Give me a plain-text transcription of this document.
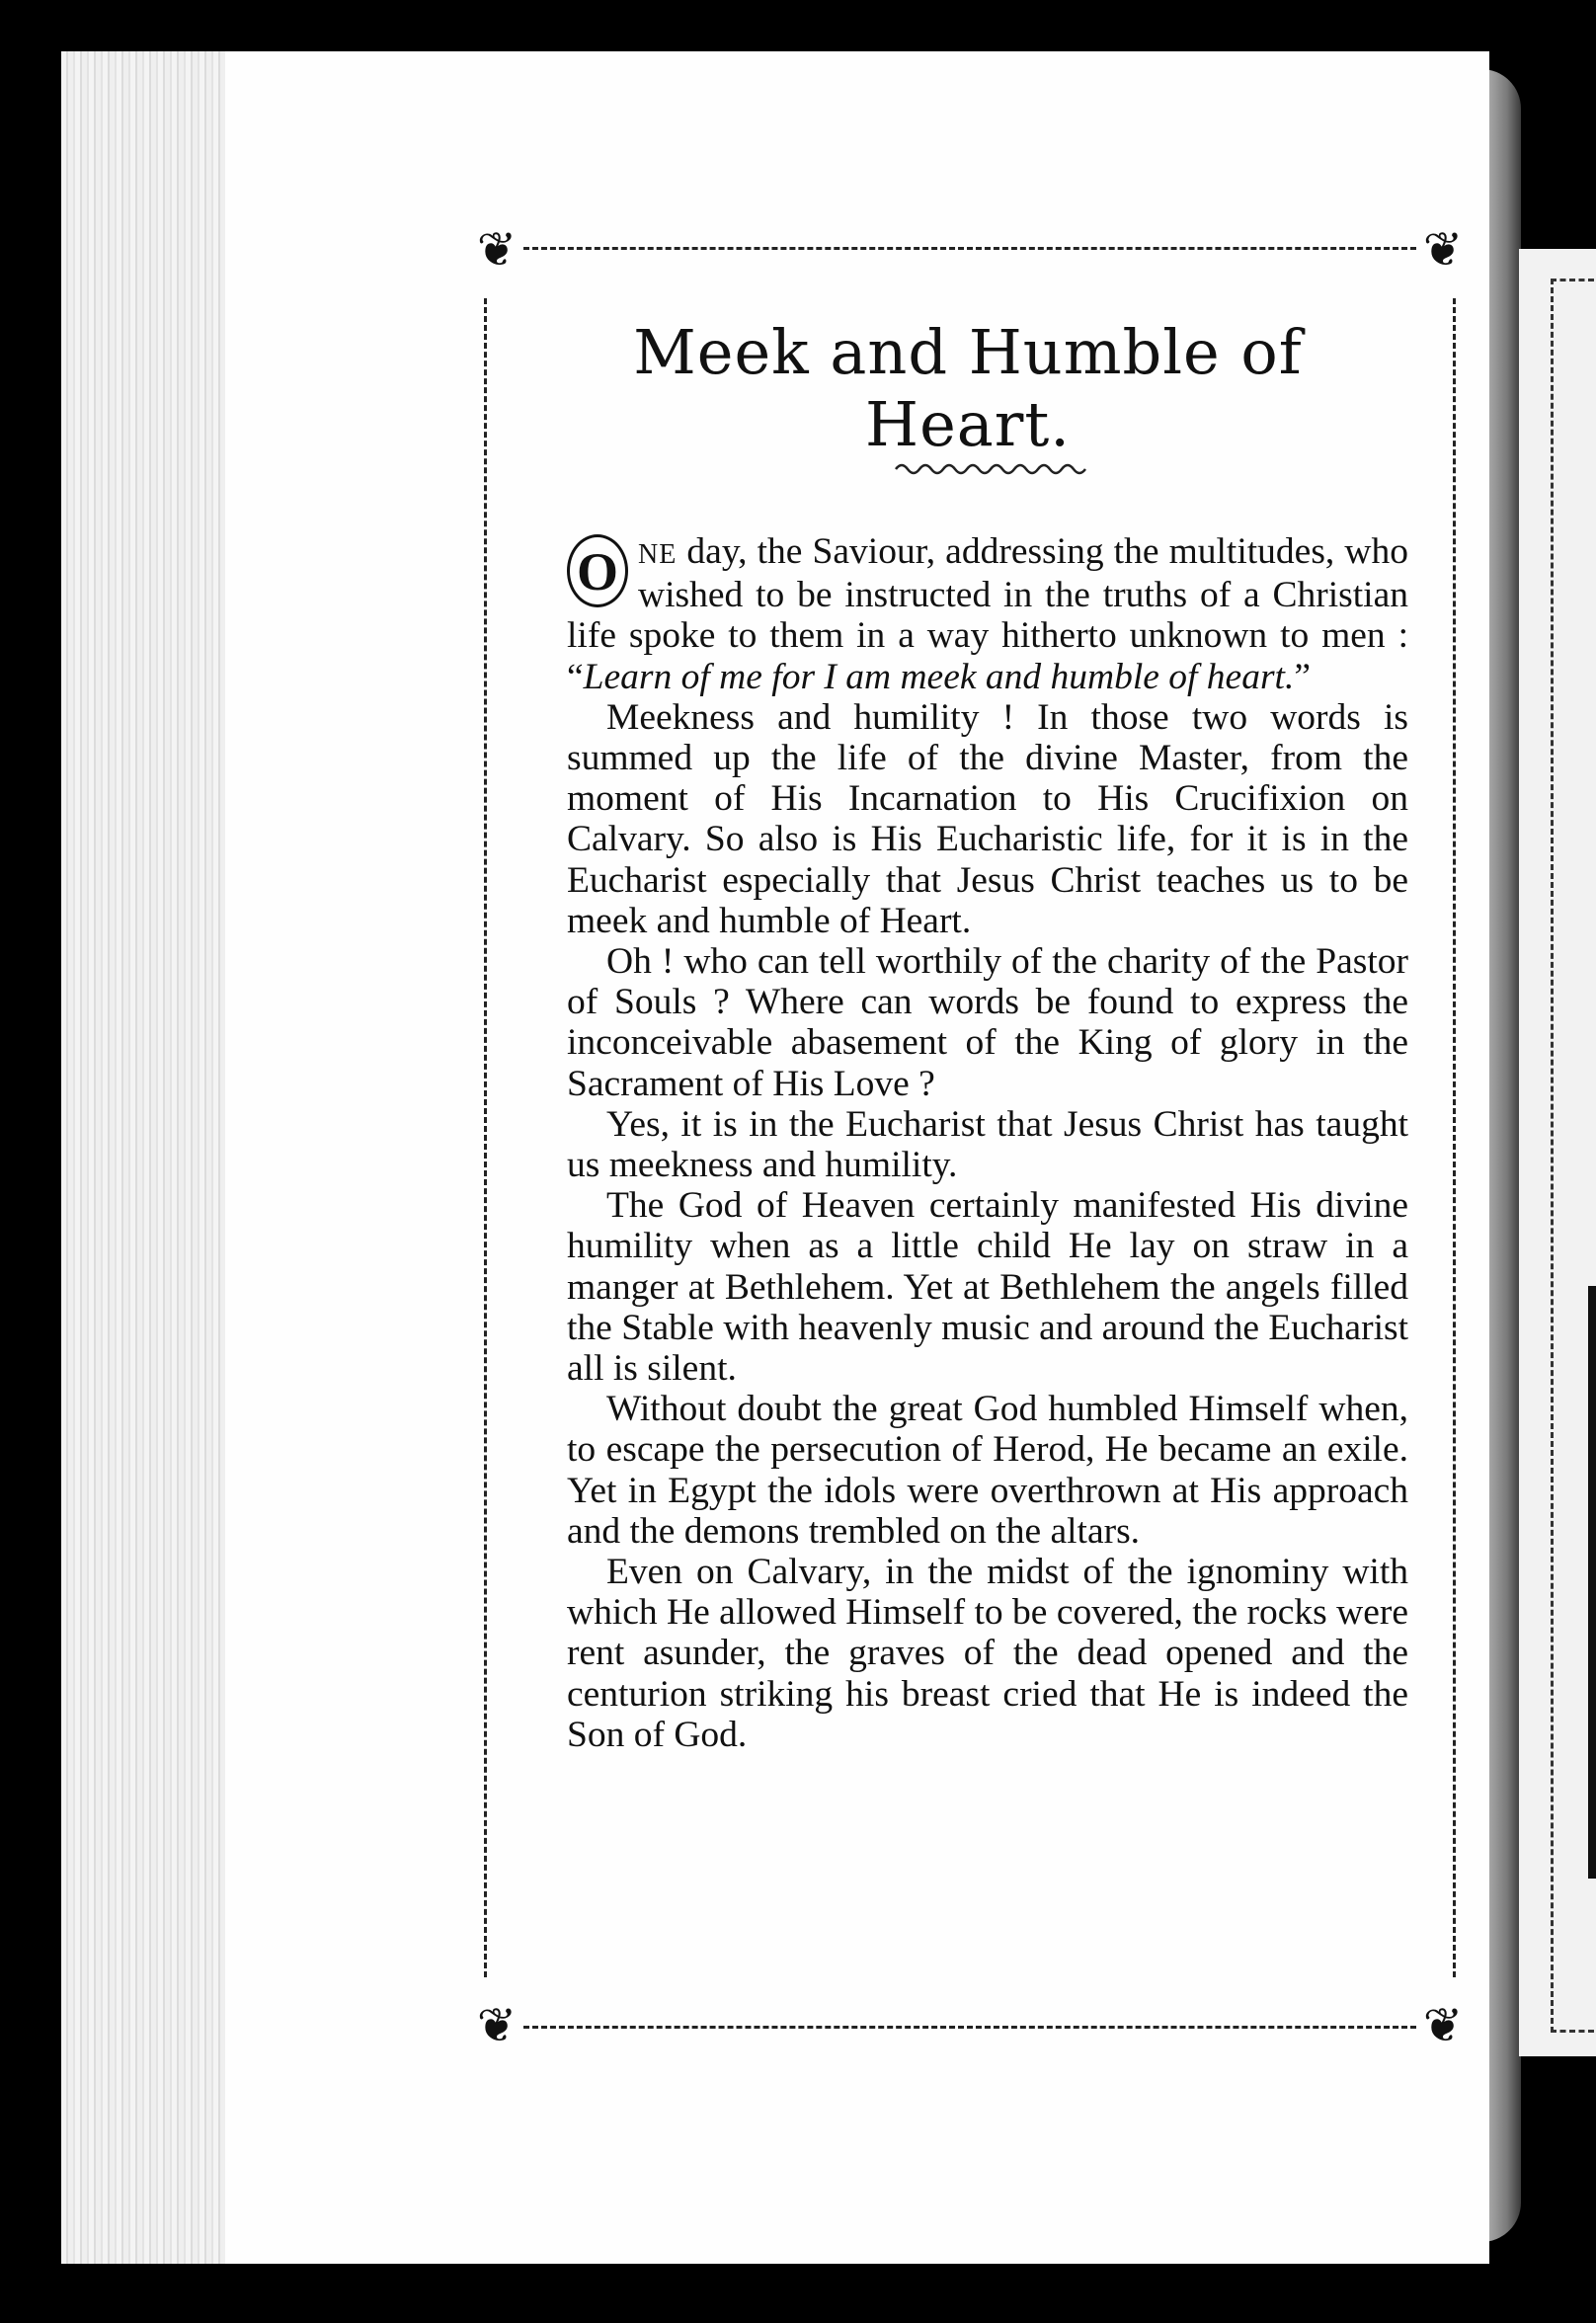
❦	❦
❦	❦
Meek and Humble of Heart.

O NE day, the Saviour, addressing the multitudes, who wished to be instructed in the truths of a Christian life spoke to them in a way hitherto unknown to men : “Learn of me for I am meek and humble of heart.”

Meekness and humility ! In those two words is summed up the life of the divine Master, from the moment of His Incarnation to His Crucifixion on Calvary. So also is His Eucharistic life, for it is in the Eucharist especially that Jesus Christ teaches us to be meek and humble of Heart.

Oh ! who can tell worthily of the charity of the Pastor of Souls ? Where can words be found to express the inconceivable abasement of the King of glory in the Sacrament of His Love ?

Yes, it is in the Eucharist that Jesus Christ has taught us meekness and humility.

The God of Heaven certainly manifested His divine humility when as a little child He lay on straw in a manger at Bethlehem. Yet at Bethlehem the angels filled the Stable with heavenly music and around the Eucharist all is silent.

Without doubt the great God humbled Himself when, to escape the persecution of Herod, He became an exile. Yet in Egypt the idols were overthrown at His approach and the demons trembled on the altars.

Even on Calvary, in the midst of the ignominy with which He allowed Himself to be covered, the rocks were rent asunder, the graves of the dead opened and the centurion striking his breast cried that He is indeed the Son of God.
